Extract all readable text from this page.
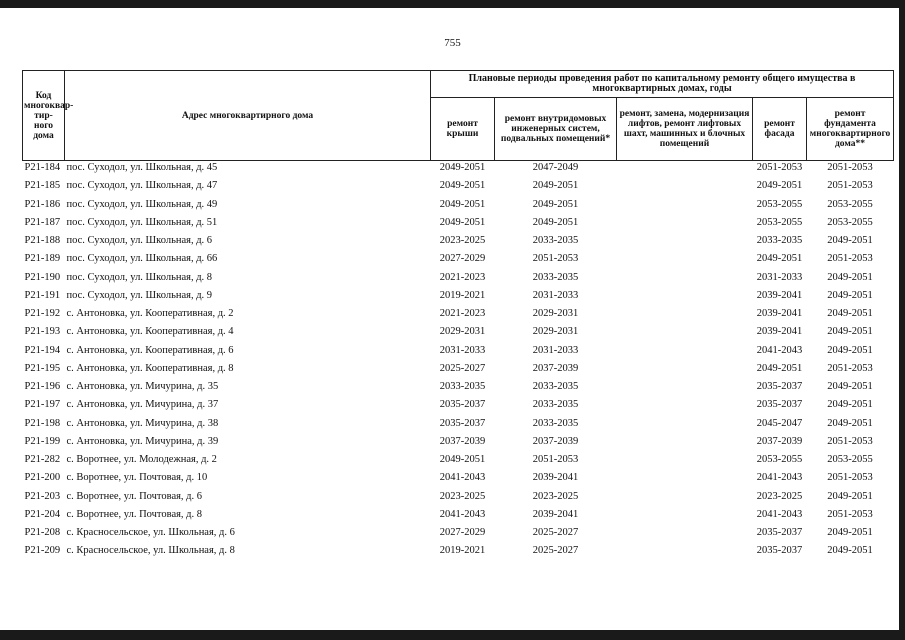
755
Код многоквар- тир- ного дома	Адрес многоквартирного дома	Плановые периоды проведения работ по капитальному ремонту общего имущества в многоквартирных домах, годы				
		ремонт крыши	ремонт внутридомовых инженерных систем, подвальных помещений*	ремонт, замена, модернизация лифтов, ремонт лифтовых шахт, машинных и блочных помещений	ремонт фасада	ремонт фундамента многоквартирного дома**
P21-184	пос. Суходол, ул. Школьная, д. 45	2049-2051	2047-2049		2051-2053	2051-2053
P21-185	пос. Суходол, ул. Школьная, д. 47	2049-2051	2049-2051		2049-2051	2051-2053
P21-186	пос. Суходол, ул. Школьная, д. 49	2049-2051	2049-2051		2053-2055	2053-2055
P21-187	пос. Суходол, ул. Школьная, д. 51	2049-2051	2049-2051		2053-2055	2053-2055
P21-188	пос. Суходол, ул. Школьная, д. 6	2023-2025	2033-2035		2033-2035	2049-2051
P21-189	пос. Суходол, ул. Школьная, д. 66	2027-2029	2051-2053		2049-2051	2051-2053
P21-190	пос. Суходол, ул. Школьная, д. 8	2021-2023	2033-2035		2031-2033	2049-2051
P21-191	пос. Суходол, ул. Школьная, д. 9	2019-2021	2031-2033		2039-2041	2049-2051
P21-192	с. Антоновка, ул. Кооперативная, д. 2	2021-2023	2029-2031		2039-2041	2049-2051
P21-193	с. Антоновка, ул. Кооперативная, д. 4	2029-2031	2029-2031		2039-2041	2049-2051
P21-194	с. Антоновка, ул. Кооперативная, д. 6	2031-2033	2031-2033		2041-2043	2049-2051
P21-195	с. Антоновка, ул. Кооперативная, д. 8	2025-2027	2037-2039		2049-2051	2051-2053
P21-196	с. Антоновка, ул. Мичурина, д. 35	2033-2035	2033-2035		2035-2037	2049-2051
P21-197	с. Антоновка, ул. Мичурина, д. 37	2035-2037	2033-2035		2035-2037	2049-2051
P21-198	с. Антоновка, ул. Мичурина, д. 38	2035-2037	2033-2035		2045-2047	2049-2051
P21-199	с. Антоновка, ул. Мичурина, д. 39	2037-2039	2037-2039		2037-2039	2051-2053
P21-282	с. Воротнее, ул. Молодежная, д. 2	2049-2051	2051-2053		2053-2055	2053-2055
P21-200	с. Воротнее, ул. Почтовая, д. 10	2041-2043	2039-2041		2041-2043	2051-2053
P21-203	с. Воротнее, ул. Почтовая, д. 6	2023-2025	2023-2025		2023-2025	2049-2051
P21-204	с. Воротнее, ул. Почтовая, д. 8	2041-2043	2039-2041		2041-2043	2051-2053
P21-208	с. Красносельское, ул. Школьная, д. 6	2027-2029	2025-2027		2035-2037	2049-2051
P21-209	с. Красносельское, ул. Школьная, д. 8	2019-2021	2025-2027		2035-2037	2049-2051
